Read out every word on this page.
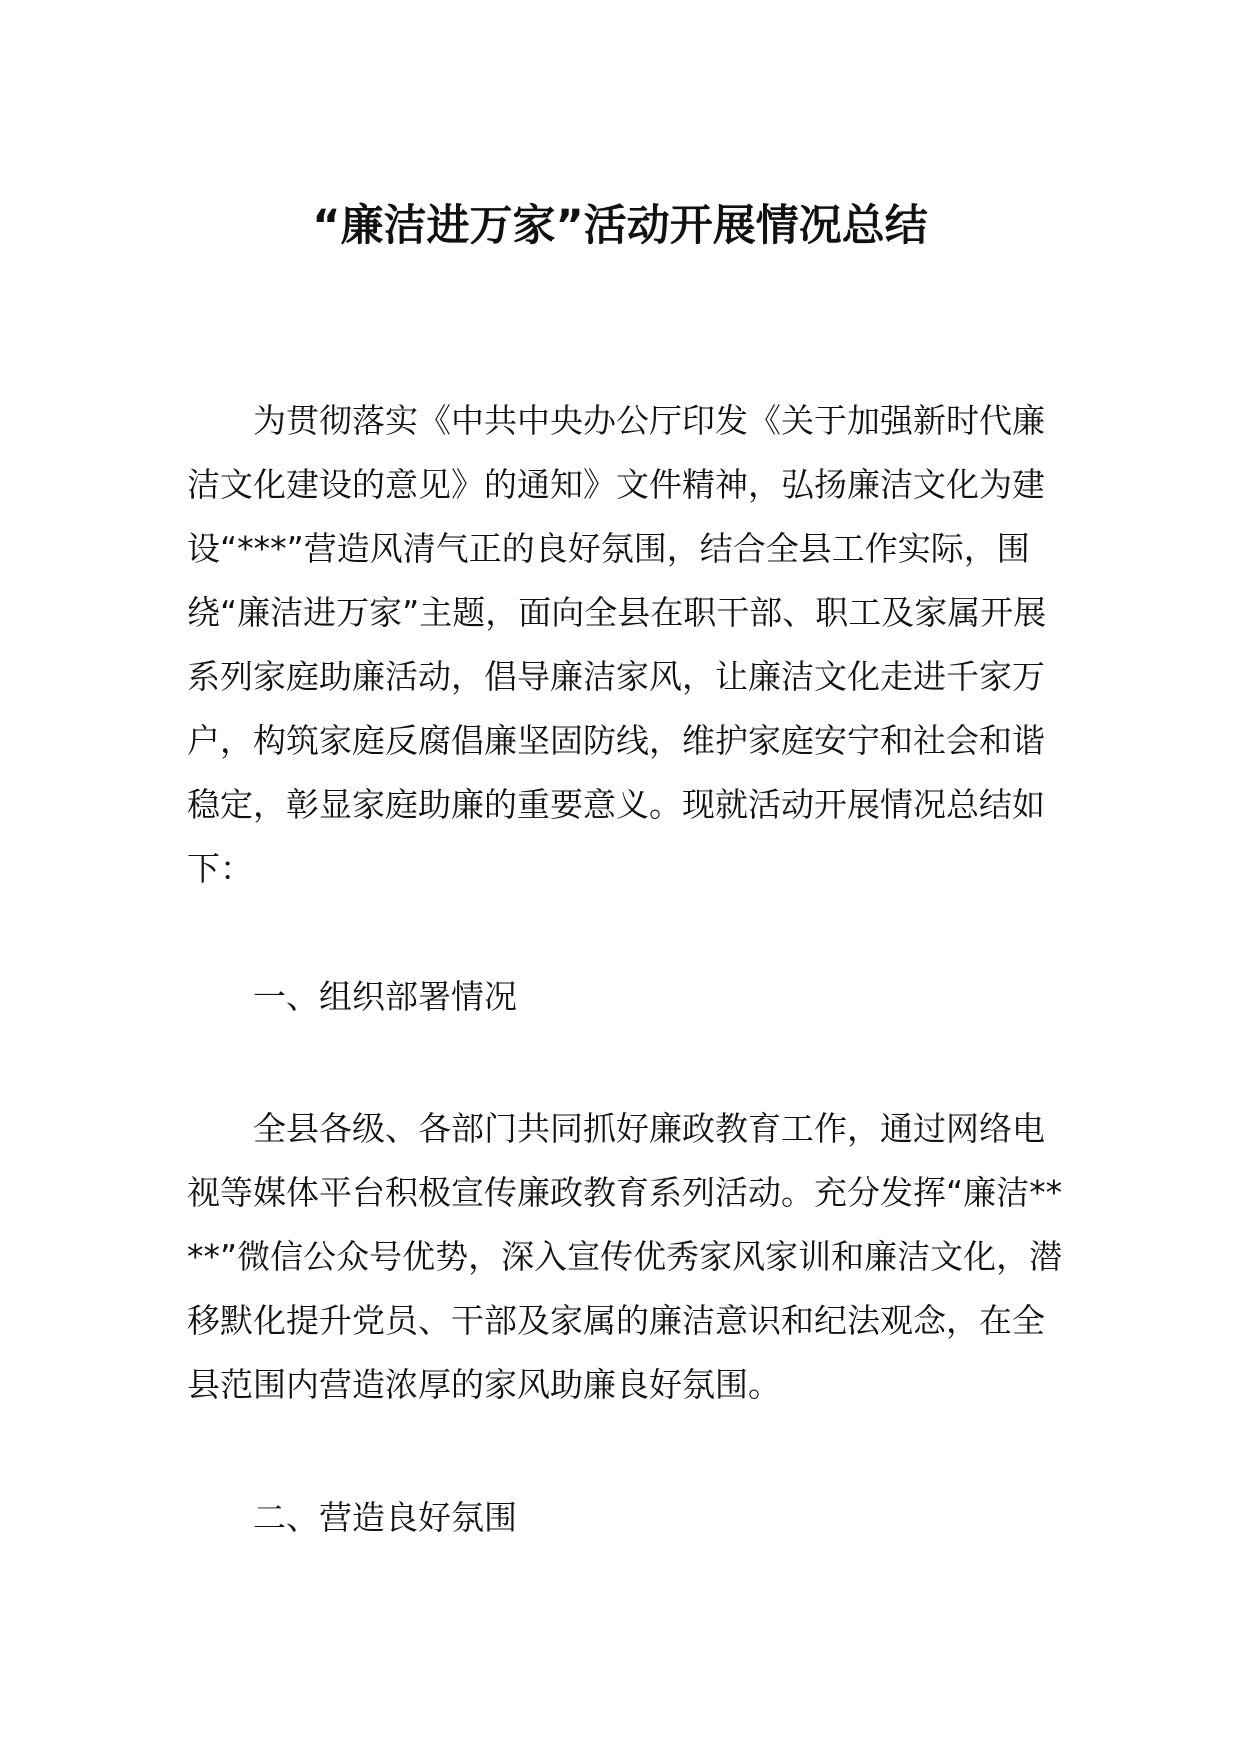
“廉洁进万家”活动开展情况总结

为贯彻落实《中共中央办公厅印发《关于加强新时代廉洁文化建设的意见》的通知》文件精神，弘扬廉洁文化为建设“***”营造风清气正的良好氛围，结合全县工作实际，围绕“廉洁进万家”主题，面向全县在职干部、职工及家属开展系列家庭助廉活动，倡导廉洁家风，让廉洁文化走进千家万户，构筑家庭反腐倡廉坚固防线，维护家庭安宁和社会和谐稳定，彰显家庭助廉的重要意义。现就活动开展情况总结如下：

一、组织部署情况

全县各级、各部门共同抓好廉政教育工作，通过网络电视等媒体平台积极宣传廉政教育系列活动。充分发挥“廉洁****”微信公众号优势，深入宣传优秀家风家训和廉洁文化，潜移默化提升党员、干部及家属的廉洁意识和纪法观念，在全县范围内营造浓厚的家风助廉良好氛围。

二、营造良好氛围
